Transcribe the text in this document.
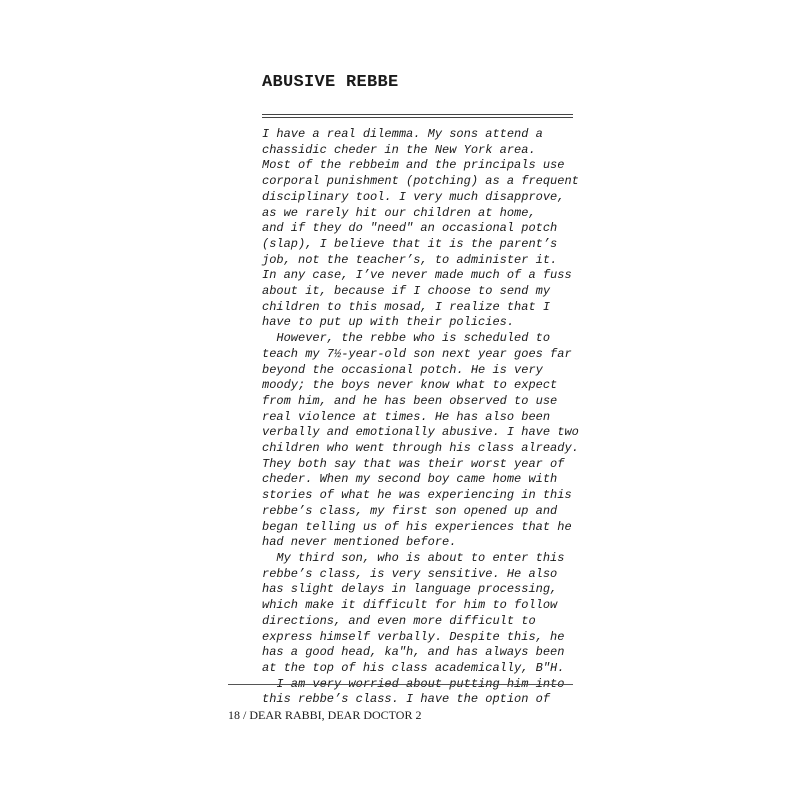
ABUSIVE REBBE
I have a real dilemma. My sons attend a
chassidic cheder in the New York area.
Most of the rebbeim and the principals use
corporal punishment (potching) as a frequent
disciplinary tool. I very much disapprove,
as we rarely hit our children at home,
and if they do "need" an occasional potch
(slap), I believe that it is the parent’s
job, not the teacher’s, to administer it.
In any case, I’ve never made much of a fuss
about it, because if I choose to send my
children to this mosad, I realize that I
have to put up with their policies.
However, the rebbe who is scheduled to
teach my 7½-year-old son next year goes far
beyond the occasional potch. He is very
moody; the boys never know what to expect
from him, and he has been observed to use
real violence at times. He has also been
verbally and emotionally abusive. I have two
children who went through his class already.
They both say that was their worst year of
cheder. When my second boy came home with
stories of what he was experiencing in this
rebbe’s class, my first son opened up and
began telling us of his experiences that he
had never mentioned before.
My third son, who is about to enter this
rebbe’s class, is very sensitive. He also
has slight delays in language processing,
which make it difficult for him to follow
directions, and even more difficult to
express himself verbally. Despite this, he
has a good head, ka"h, and has always been
at the top of his class academically, B"H.
I am very worried about putting him into
this rebbe’s class. I have the option of
18 / DEAR RABBI, DEAR DOCTOR 2
